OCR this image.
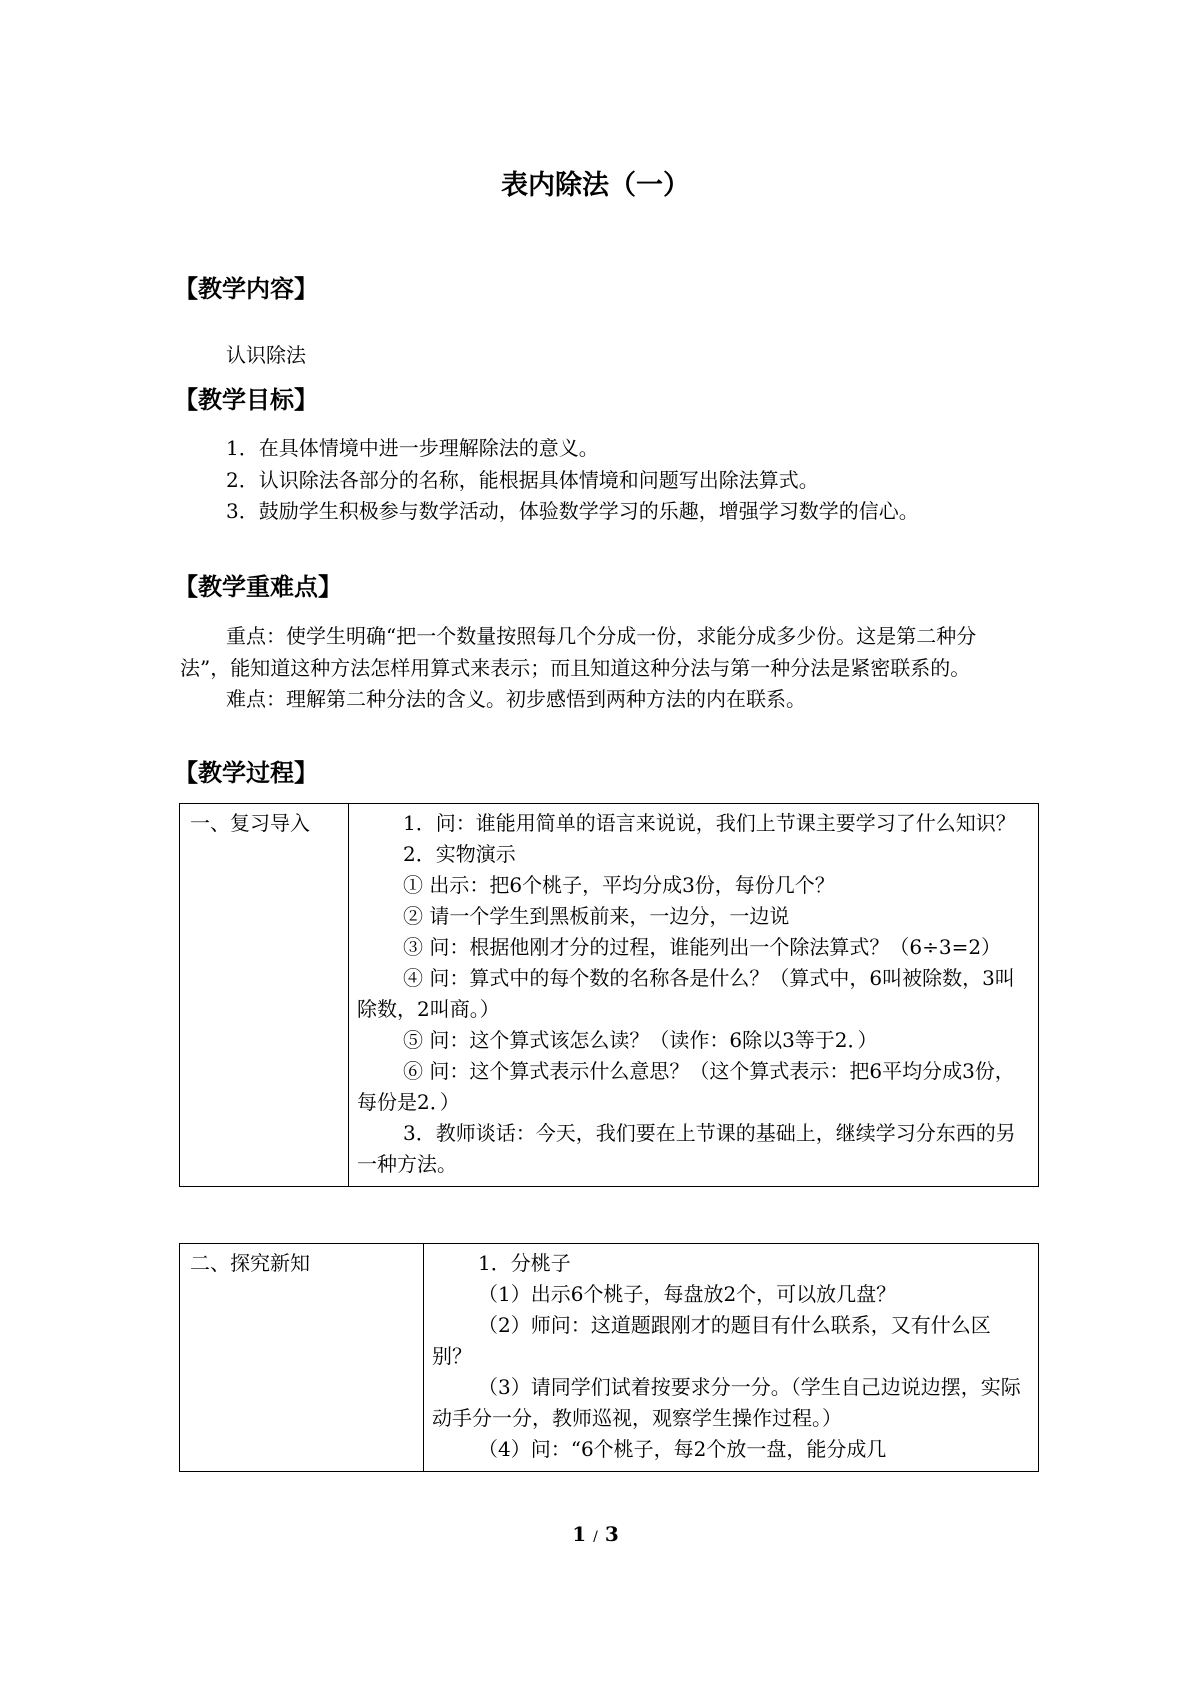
表内除法（一）
【教学内容】

认识除法

【教学目标】

1．在具体情境中进一步理解除法的意义。

2．认识除法各部分的名称，能根据具体情境和问题写出除法算式。

3．鼓励学生积极参与数学活动，体验数学学习的乐趣，增强学习数学的信心。

【教学重难点】

重点：使学生明确“把一个数量按照每几个分成一份，求能分成多少份。这是第二种分法”，能知道这种方法怎样用算式来表示；而且知道这种分法与第一种分法是紧密联系的。

难点：理解第二种分法的含义。初步感悟到两种方法的内在联系。

【教学过程】
一、复习导入	1．问：谁能用简单的语言来说说，我们上节课主要学习了什么知识？

2．实物演示

① 出示：把6个桃子，平均分成3份，每份几个？

② 请一个学生到黑板前来，一边分，一边说

③ 问：根据他刚才分的过程，谁能列出一个除法算式？（6÷3=2）

④ 问：算式中的每个数的名称各是什么？（算式中，6叫被除数，3叫除数，2叫商。）

⑤ 问：这个算式该怎么读？（读作：6除以3等于2．）

⑥ 问：这个算式表示什么意思？（这个算式表示：把6平均分成3份，每份是2．）

3．教师谈话：今天，我们要在上节课的基础上，继续学习分东西的另一种方法。

二、探究新知	1．分桃子

（1）出示6个桃子，每盘放2个，可以放几盘？

（2）师问：这道题跟刚才的题目有什么联系，又有什么区别？

（3）请同学们试着按要求分一分。（学生自己边说边摆，实际动手分一分，教师巡视，观察学生操作过程。）

（4）问：“6个桃子，每2个放一盘，能分成几

1 / 3
